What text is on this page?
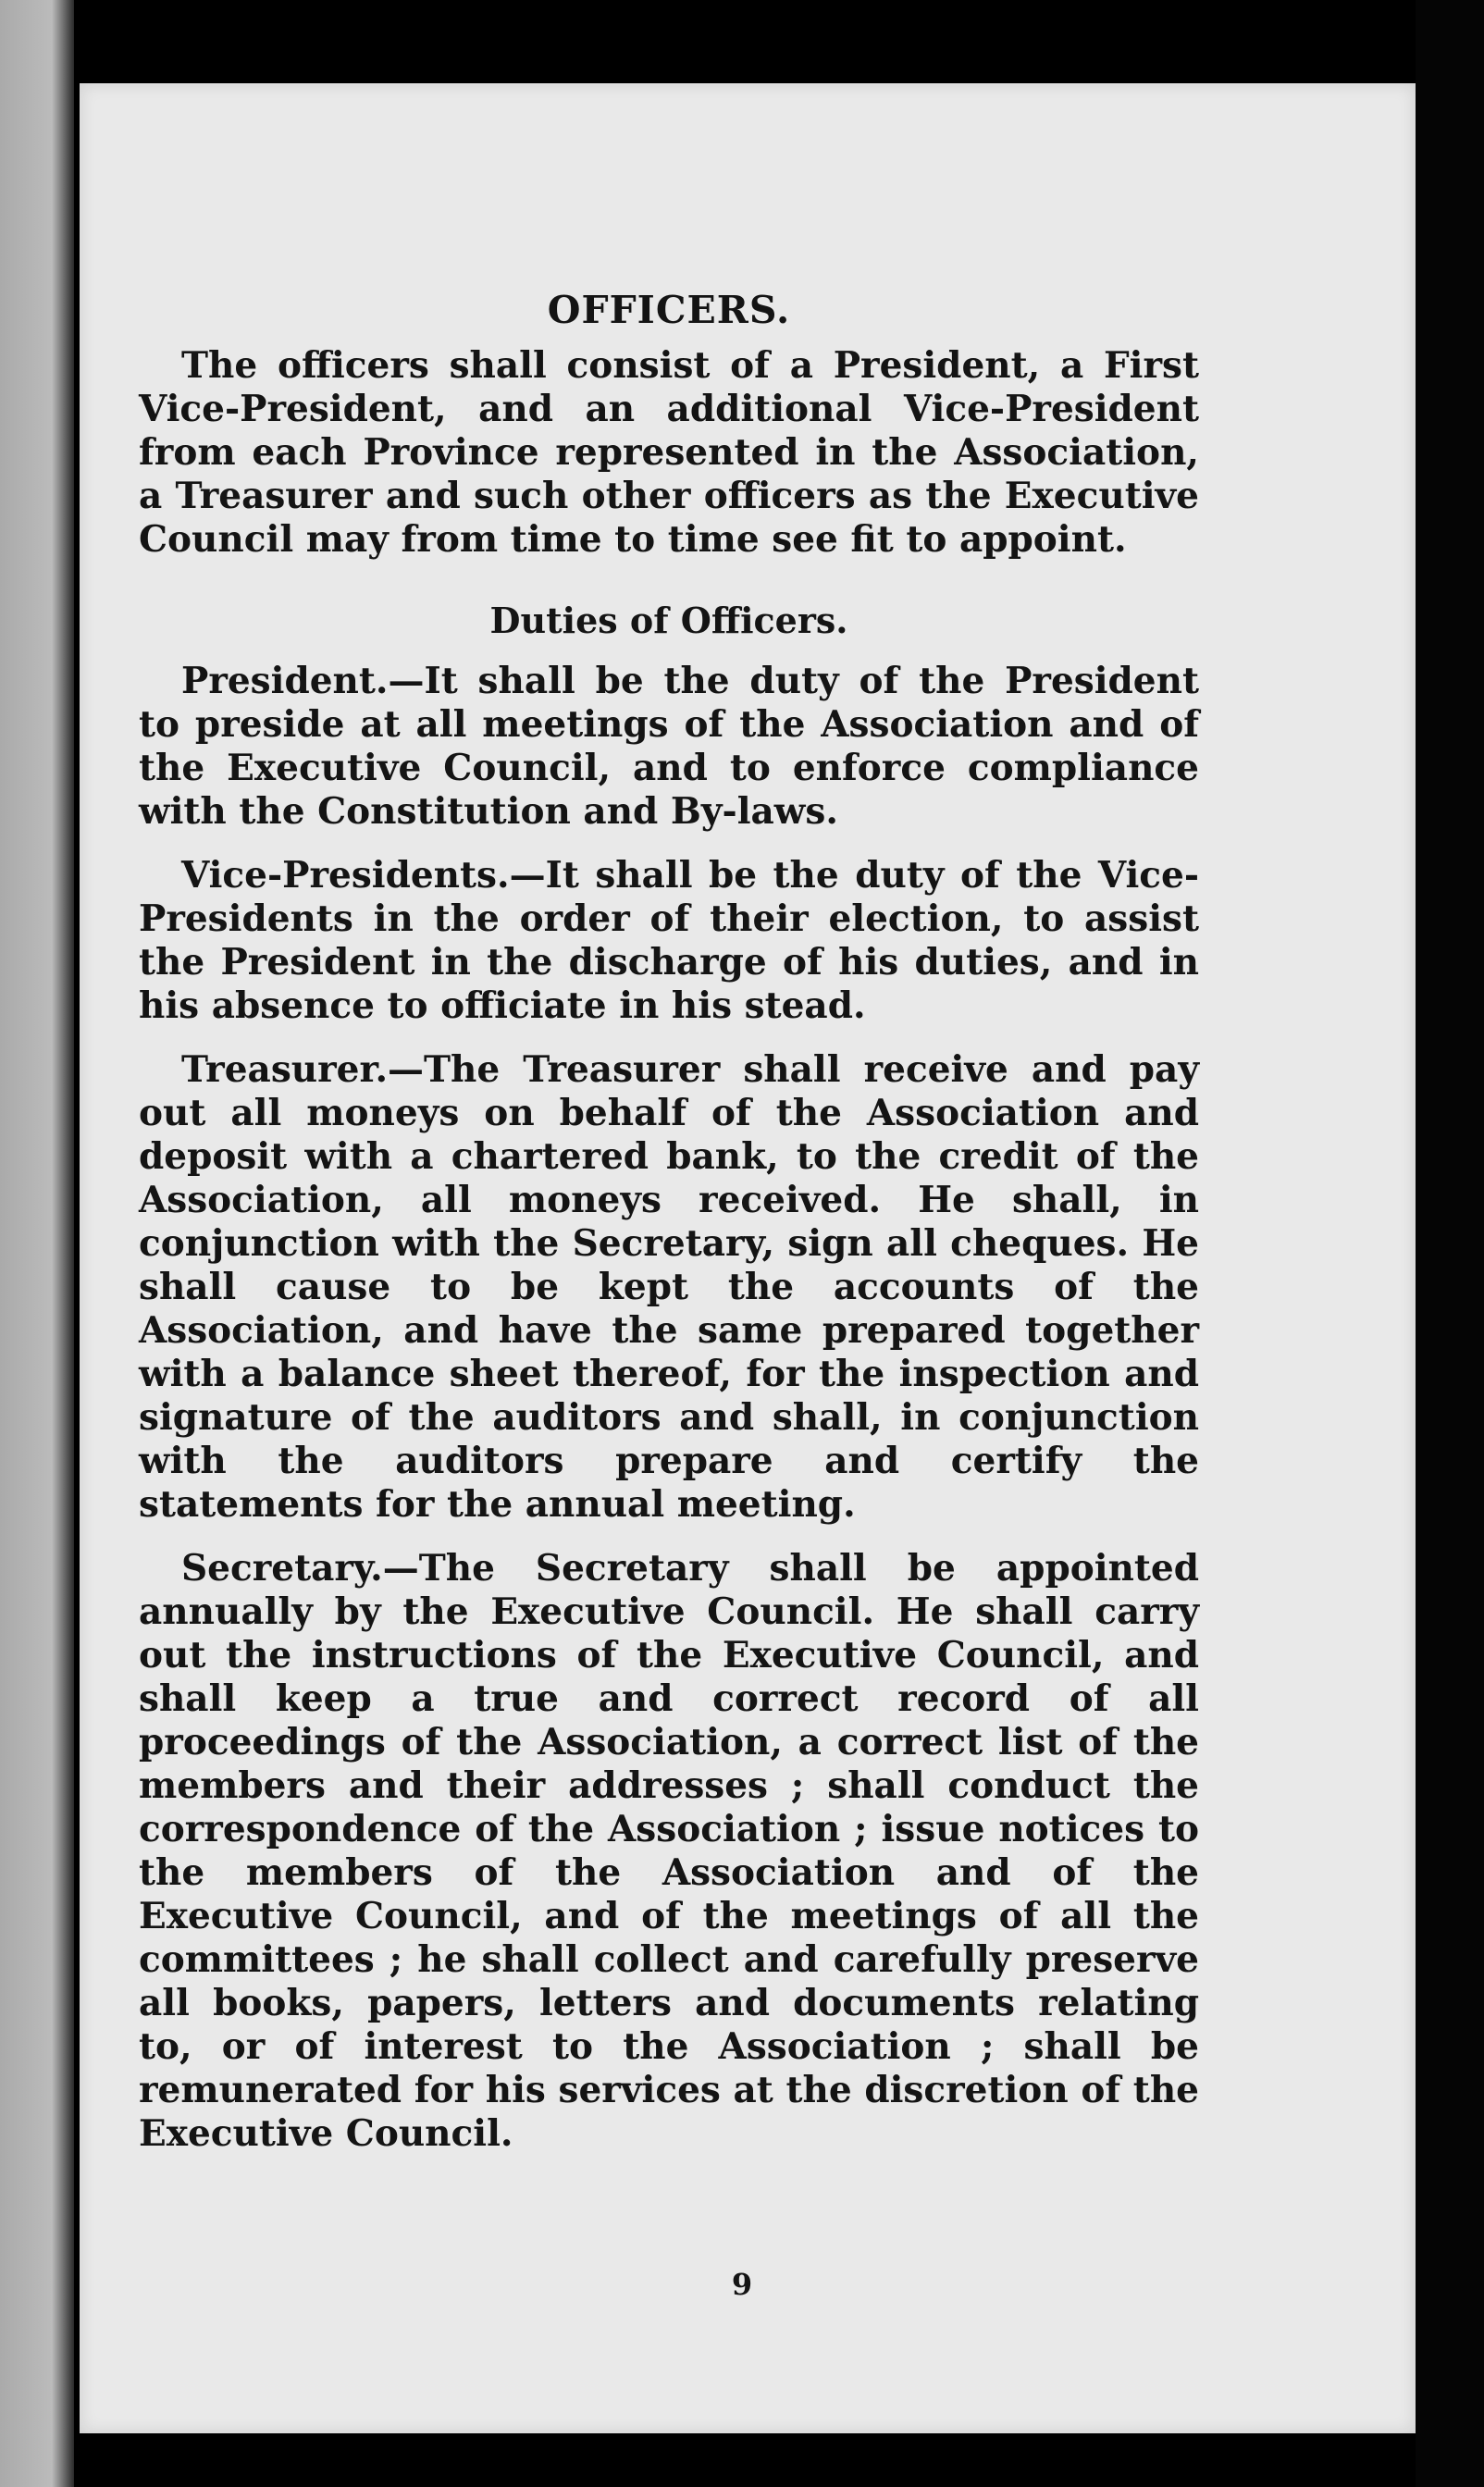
OFFICERS.

The officers shall consist of a President, a First Vice-President, and an additional Vice-President from each Province represented in the Association, a Treasurer and such other officers as the Executive Council may from time to time see fit to appoint.

Duties of Officers.

President.—It shall be the duty of the President to preside at all meetings of the Association and of the Executive Council, and to enforce compliance with the Constitution and By-laws.

Vice-Presidents.—It shall be the duty of the Vice-Presidents in the order of their election, to assist the President in the discharge of his duties, and in his absence to officiate in his stead.

Treasurer.—The Treasurer shall receive and pay out all moneys on behalf of the Association and deposit with a chartered bank, to the credit of the Association, all moneys received. He shall, in conjunction with the Secretary, sign all cheques. He shall cause to be kept the accounts of the Association, and have the same prepared together with a balance sheet thereof, for the inspection and signature of the auditors and shall, in conjunction with the auditors prepare and certify the statements for the annual meeting.

Secretary.—The Secretary shall be appointed annually by the Executive Council. He shall carry out the instructions of the Executive Council, and shall keep a true and correct record of all proceedings of the Association, a correct list of the members and their addresses ; shall conduct the correspondence of the Association ; issue notices to the members of the Association and of the Executive Council, and of the meetings of all the committees ; he shall collect and carefully preserve all books, papers, letters and documents relating to, or of interest to the Association ; shall be remunerated for his services at the discretion of the Executive Council.

9
